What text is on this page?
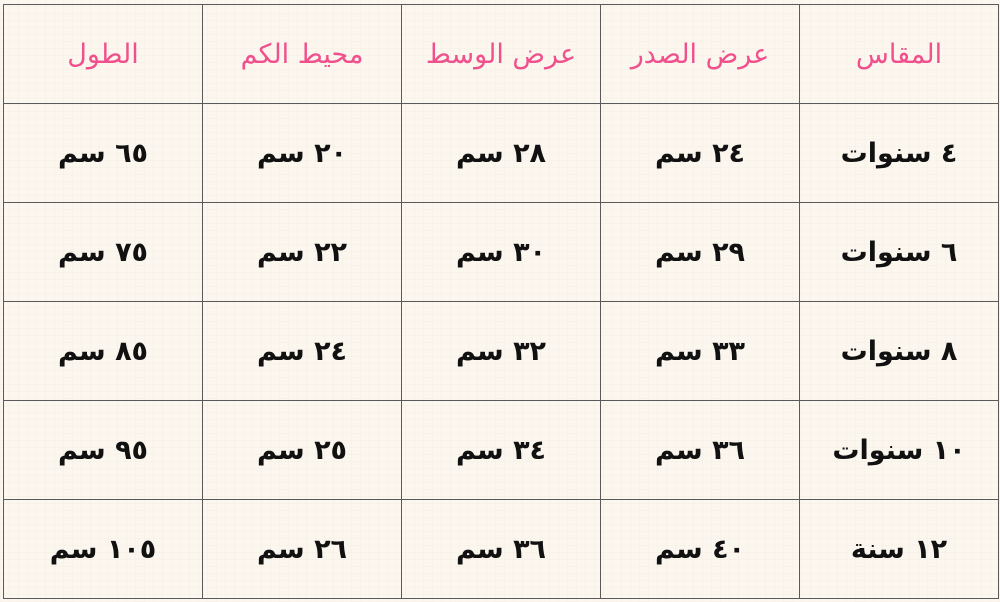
المقاس	عرض الصدر	عرض الوسط	محيط الكم	الطول
٤ سنوات	٢٤ سم	٢٨ سم	٢٠ سم	٦٥ سم
٦ سنوات	٢٩ سم	٣٠ سم	٢٢ سم	٧٥ سم
٨ سنوات	٣٣ سم	٣٢ سم	٢٤ سم	٨٥ سم
١٠ سنوات	٣٦ سم	٣٤ سم	٢٥ سم	٩٥ سم
١٢ سنة	٤٠ سم	٣٦ سم	٢٦ سم	١٠٥ سم
